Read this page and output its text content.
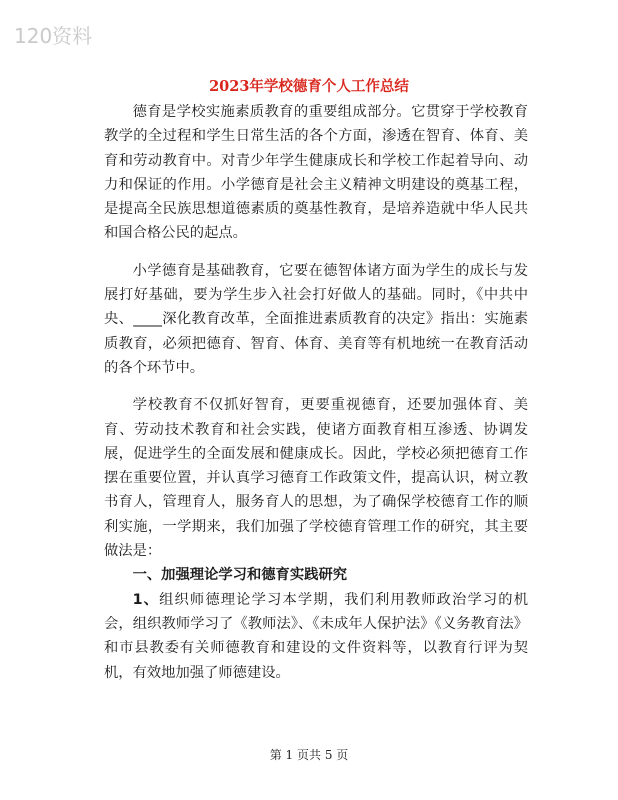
120资料
2023年学校德育个人工作总结

德育是学校实施素质教育的重要组成部分。它贯穿于学校教育教学的全过程和学生日常生活的各个方面，渗透在智育、体育、美育和劳动教育中。对青少年学生健康成长和学校工作起着导向、动力和保证的作用。小学德育是社会主义精神文明建设的奠基工程，是提高全民族思想道德素质的奠基性教育，是培养造就中华人民共和国合格公民的起点。

小学德育是基础教育，它要在德智体诸方面为学生的成长与发展打好基础，要为学生步入社会打好做人的基础。同时，《中共中央、____深化教育改革，全面推进素质教育的决定》指出：实施素质教育，必须把德育、智育、体育、美育等有机地统一在教育活动的各个环节中。

学校教育不仅抓好智育，更要重视德育，还要加强体育、美育、劳动技术教育和社会实践，使诸方面教育相互渗透、协调发展，促进学生的全面发展和健康成长。因此，学校必须把德育工作摆在重要位置，并认真学习德育工作政策文件，提高认识，树立教书育人，管理育人，服务育人的思想，为了确保学校德育工作的顺利实施，一学期来，我们加强了学校德育管理工作的研究，其主要做法是：

一、加强理论学习和德育实践研究

1、组织师德理论学习本学期，我们利用教师政治学习的机会，组织教师学习了《教师法》、《未成年人保护法》《义务教育法》和市县教委有关师德教育和建设的文件资料等，以教育行评为契机，有效地加强了师德建设。

第 1 页共 5 页
